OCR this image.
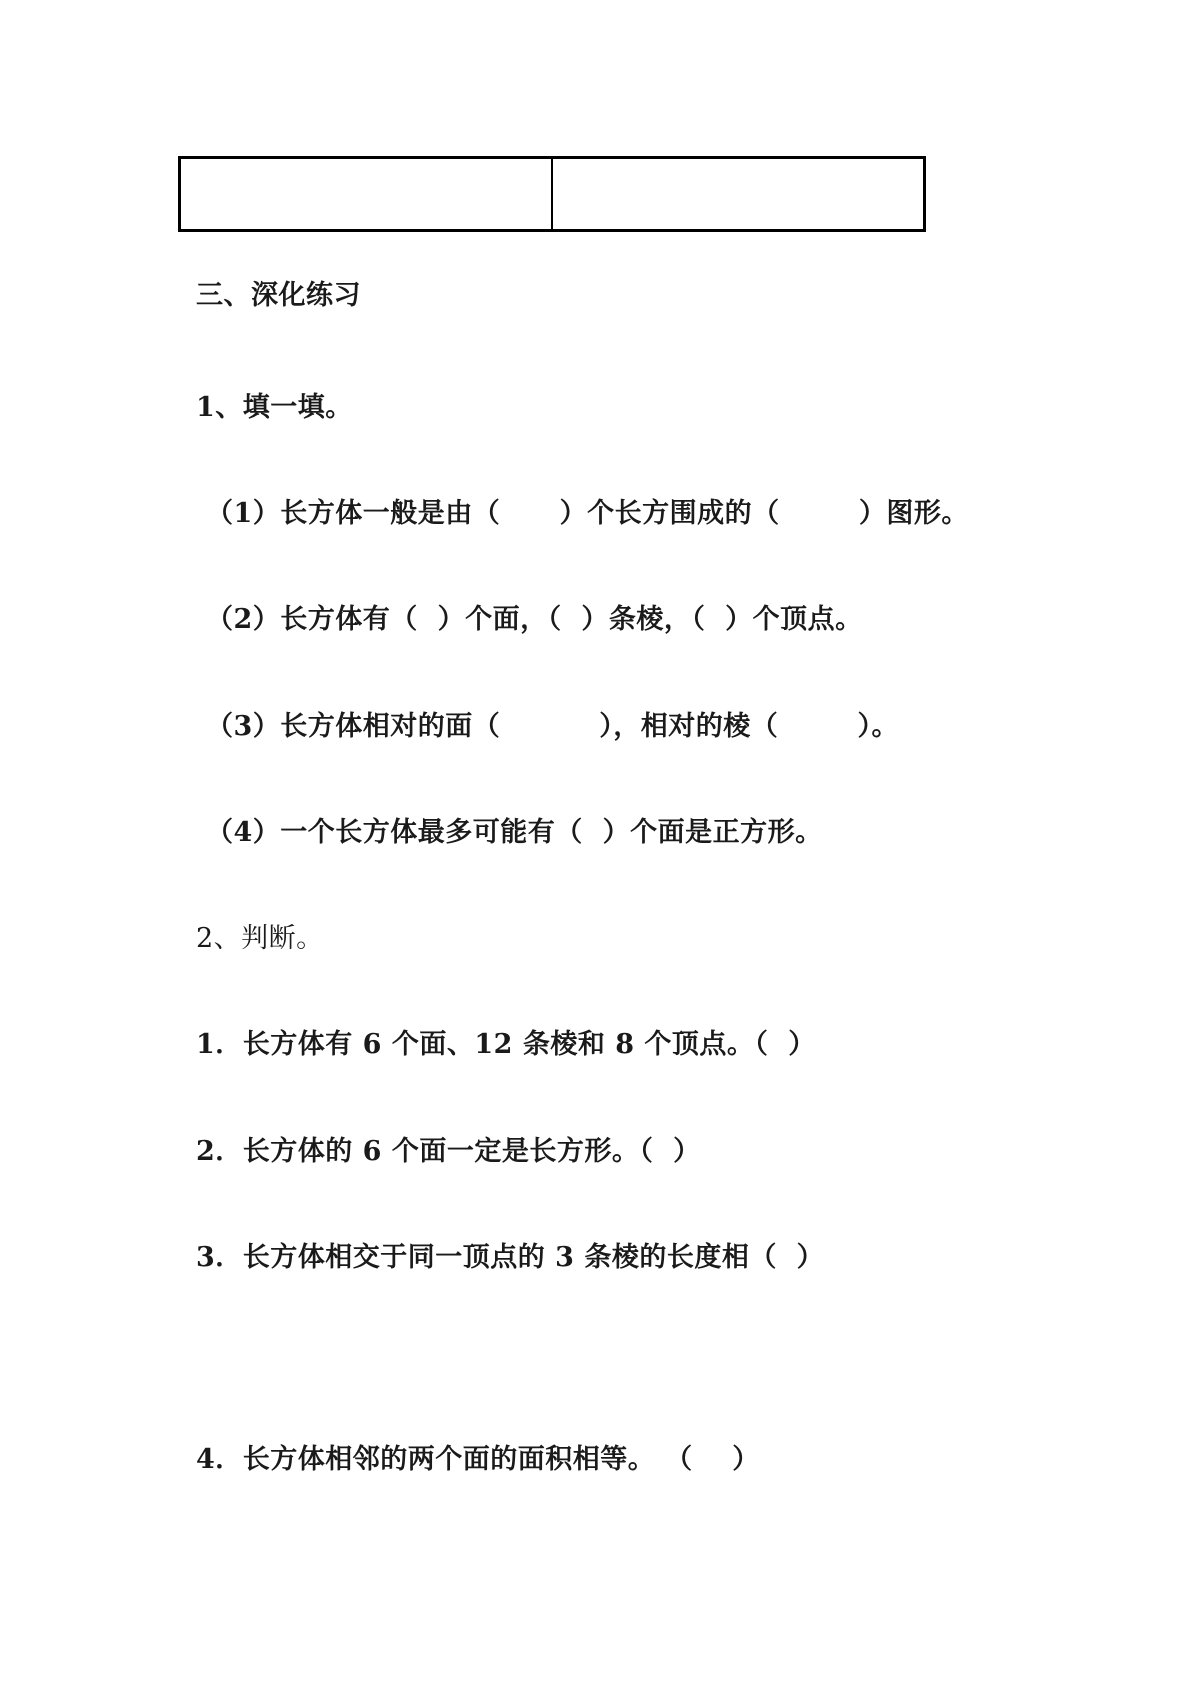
三、深化练习
1、填一填。
（1）长方体一般是由（      ）个长方围成的（        ）图形。
（2）长方体有（  ）个面，（  ）条棱，（  ）个顶点。
（3）长方体相对的面（          ），相对的棱（        ）。
（4）一个长方体最多可能有（  ）个面是正方形。
2、判断。
1．长方体有 6 个面、12 条棱和 8 个顶点。（  ）
2．长方体的 6 个面一定是长方形。（  ）
3．长方体相交于同一顶点的 3 条棱的长度相（  ）
4．长方体相邻的两个面的面积相等。 （    ）
